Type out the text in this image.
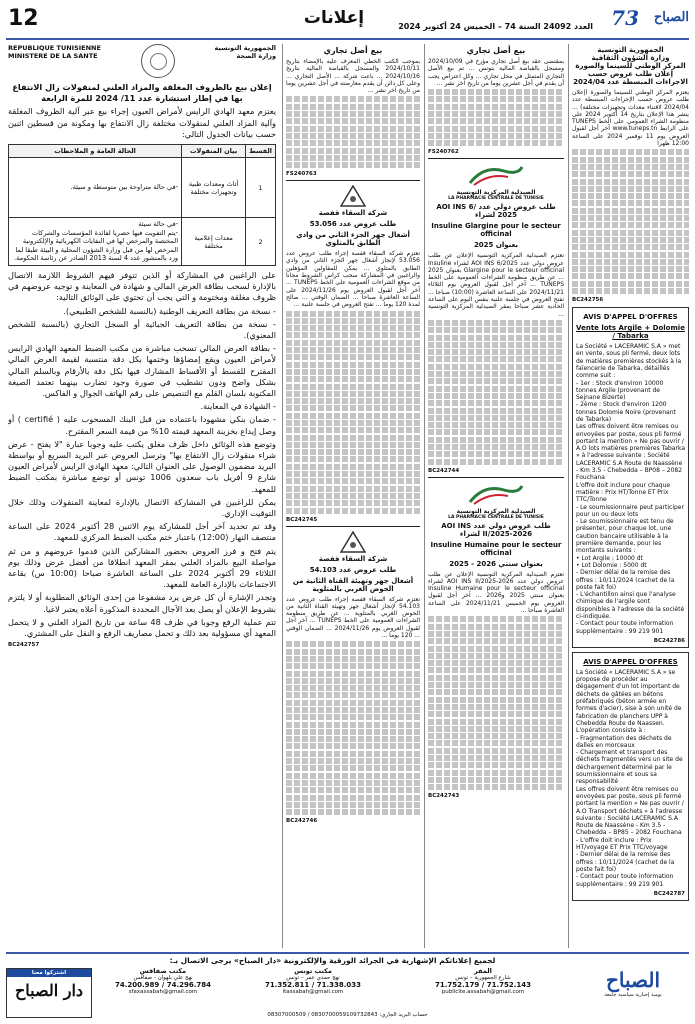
12	إعلانات	العدد 24092 السنة 74 – الخميس 24 أكتوبر 2024 73 الصباح
الجمهورية التونسية
وزارة الشؤون الثقافية
المركز الوطني للسينما والصورة
إعلان طلب عروض حسب الاجراءات المبسطة عدد 2024/04
يعتزم المركز الوطني للسينما والصورة (إعلان طلب عروض حسب الإجراءات المبسطة عدد 2024/04 لاقتناء معدات وتجهيزات مختلفة) ... ينشر هذا الإعلان بتاريخ 14 أكتوبر 2024 على منظومة الشراء العمومي على الخط TUNEPS على الرابط www.tuneps.tn آخر أجل لقبول العروض يوم 11 نوفمبر 2024 على الساعة 12:00 ظهرا
BC242756
AVIS D'APPEL D'OFFRES
Vente lots Argile + Dolomie / Tabarka
La Société « LACERAMIC S.A » met en vente, sous pli fermé, deux lots de matières premières stockés à la faïencerie de Tabarka, détaillés comme suit :
- 1er : Stock d'environ 10000 tonnes Argile (provenant de Sejnane Bizerte)
- 2ème : Stock d'environ 1200 tonnes Dolomie Noire (provenant de Tabarka)
Les offres doivent être remises ou envoyées par poste, sous pli fermé portant la mention « Ne pas ouvrir / A.O lots matières premières Tabarka » à l'adresse suivante : Société LACERAMIC S.A Route de Naassène - Km 3.5 - Chebedda – BP08 – 2082 Fouchana
L'offre doit inclure pour chaque matière : Prix HT/Tonne ET Prix TTC/Tonne
- Le soumissionnaire peut participer pour un ou deux lots
- Le soumissionnaire est tenu de présenter, pour chaque lot, une caution bancaire utilisable à la première demande, pour les montants suivants :
• Lot Argile : 10000 dt
• Lot Dolomie : 5000 dt
- Dernier délai de la remise des offres : 10/11/2024 (cachet de la poste fait foi)
- L'échantillon ainsi que l'analyse chimique de l'argile sont disponibles à l'adresse de la société ci-indiquée.
- Contact pour toute information supplémentaire : 99 219 901
BC242786
AVIS D'APPEL D'OFFRES
La Société « LACERAMIC S.A » se propose de procéder au dégagement d'un lot important de déchets de gâtées en bétons préfabriqués (béton armée en formes d'acier), sise à son unité de fabrication de planchers UPP à Chebedda Route de Naassen.
L'opération consiste à :
- Fragmentation des déchets de dalles en morceaux
- Chargement et transport des déchets fragmentés vers un site de déchargement déterminé par le soumissionnaire et sous sa responsabilité
Les offres doivent être remises ou envoyées par poste, sous pli fermé portant la mention « Ne pas ouvrir / A.O Transport déchets » à l'adresse suivante : Société LACERAMIC S.A Route de Naassène - Km 3.5 - Chebedda – BP85 – 2082 Fouchana
- L'offre doit inclure : Prix HT/voyage ET Prix TTC/voyage
- Dernier délai de la remise des offres : 10/11/2024 (cachet de la poste fait foi)
- Contact pour toute information supplémentaire : 99 219 901
BC242787
بيع أصل تجاري
بمقتضى عقد بيع أصل تجاري مؤرخ في 2024/10/09 ومسجل بالقباضة المالية بتونس ... تم بيع الأصل التجاري المتمثل في محل تجاري ... وكل اعتراض يجب أن يقدم في أجل عشرين يوما من تاريخ آخر نشر ...
FS240762
الصيدلية المركزية التونسية
LA PHARMACIE CENTRALE DE TUNISIE
طلب عروض دولي عدد AOI INS 6/ 2025 لشراء
Insuline Glargine pour le secteur officinal
بعنوان 2025
تعتزم الصيدلية المركزية التونسية الإعلان عن طلب عروض دولي عدد AOI INS 6/2025 لشراء Insuline Glargine pour le secteur officinal بعنوان 2025 ... عن طريق منظومة الشراءات العمومية على الخط TUNEPS ... آخر أجل لقبول العروض يوم الثلاثاء 2024/11/21 على الساعة العاشرة (10:00) صباحا ... تفتح العروض في جلسة علنية بنفس اليوم على الساعة الحادية عشر صباحا بمقر الصيدلية المركزية التونسية ...
BC242744
الصيدلية المركزية التونسية
LA PHARMACIE CENTRALE DE TUNISIE
طلب عروض دولي عدد AOI INS II/2025-2026 لشراء
Insuline Humaine pour le secteur officinal
بعنوان سنتي 2026 - 2025
تعتزم الصيدلية المركزية التونسية الإعلان عن طلب عروض دولي عدد AOI INS II/2025-2026 لشراء Insuline Humaine pour le secteur officinal بعنوان سنتي 2025 و2026 ... آخر أجل لقبول العروض يوم الخميس 2024/11/21 على الساعة العاشرة صباحا ...
BC242743
بيع أصل تجاري
بموجب الكتب الخطي المعرف عليه بالإمضاء بتاريخ 2024/10/11 والمسجل بالقباضة المالية بتاريخ 2024/10/16 ... باعت شركة ... الأصل التجاري ... وعلى كل دائن أن يقدم معارضته في أجل عشرين يوما من تاريخ آخر نشر ...
FS240763
شركة السقاء قفصة
طلب عروض عدد 53.056
أشغال جهر الجزء الثاني من وادي الطابق بالمتلوي
تعتزم شركة السقاء قفصة إجراء طلب عروض عدد 53.056 لإنجاز أشغال جهر الجزء الثاني من وادي الطابق بالمتلوي ... يمكن للمقاولين المؤهلين والراغبين في المشاركة سحب كراس الشروط مجانا من موقع الشراءات العمومية على الخط TUNEPS ... آخر أجل لقبول العروض يوم 2024/11/26 على الساعة العاشرة صباحا ... الضمان الوقتي ... صالح لمدة 120 يوما ... تفتح العروض في جلسة علنية ...
BC242745
شركة السقاء قفصة
طلب عروض عدد 54.103
أشغال جهر وتهيئة القناة الثانية من الحوض الغربي بالمتلوية
تعتزم شركة السقاء قفصة إجراء طلب عروض عدد 54.103 لإنجاز أشغال جهر وتهيئة القناة الثانية من الحوض الغربي بالمتلوية ... عن طريق منظومة الشراءات العمومية على الخط TUNEPS ... آخر أجل لقبول العروض يوم 2024/11/26 ... الضمان الوقتي ... 120 يوما ...
BC242746
REPUBLIQUE TUNISIENNE
MINISTERE DE LA SANTE
الجمهورية التونسية
وزارة الصحة
إعلان بيع بالظروف المغلقة والمزاد العلني لمنقولات زال الانتفاع بها في إطار استشارة عدد 11/ 2024 للمرة الرابعة
يعتزم معهد الهادي الرايس لأمراض العيون إجراء بيع عبر آلية الظروف المغلقة وآلية المزاد العلني لمنقولات مختلفة زال الانتفاع بها ومكونة من قسطين اثنين حسب بيانات الجدول التالي:
القسط	بيان المنقولات	الحالة العامة و الملاحظات
1	أثاث ومعدات طبية وتجهيزات مختلفة	-في حالة متراوحة بين متوسطة و سيئة.
2	معدات إعلامية مختلفة	-في حالة سيئة
-يتم التفويت فيها حصريا لفائدة المؤسسات والشركات المختصة والمرخص لها في النفايات الكهربائية والإلكترونية المرخص لها من قبل وزارة الشؤون المحلية و البيئة طبقا لما ورد بالمنشور عدد 4 لسنة 2013 الصادر عن رئاسة الحكومة.
على الراغبين في المشاركة أو الذين تتوفر فيهم الشروط اللازمة الاتصال بالإدارة لسحب بطاقة العرض المالي و شهادة في المعاينة و توجيه عروضهم في ظروف مغلقة ومختومة و التي يجب أن تحتوي على الوثائق التالية:
- نسخة من بطاقة التعريف الوطنية (بالنسبة للشخص الطبيعي).
- نسخة من بطاقة التعريف الجبائية أو السجل التجاري (بالنسبة للشخص المعنوي).
- بطاقة العرض المالي تسحب مباشرة من مكتب الضبط المعهد الهادي الرايس لأمراض العيون ويقع إمضاؤها وختمها بكل دقة منتسبة لقيمة العرض المالي المقترح للقسط أو الأقساط المشارك فيها بكل دقة بالأرقام وبالسلم المالي بشكل واضح ودون تشطيب في صورة وجود تضارب بينهما تعتمد الصيغة المكتوبة بلسان القلم مع التنصيص على رقم الهاتف الجوال و الفاكس.
- الشهادة في المعاينة.
- ضمان بنكي مشهودا باعتماده من قبل البنك المسحوب عليه ( certifié ) أو وصل إيداع بخزينة المعهد قيمته 10% من قيمة السعر المقترح.
وتوضع هذه الوثائق داخل ظرف مغلق يكتب عليه وجوبا عبارة "لا يفتح - عرض شراء منقولات زال الانتفاع بها" وترسل العروض عبر البريد السريع أو بواسطة البريد مضمون الوصول على العنوان التالي: معهد الهادي الرايس لأمراض العيون شارع 9 أفريل باب سعدون 1006 تونس أو توضع مباشرة بمكتب الضبط للمعهد.
يمكن للراغبين في المشاركة الاتصال بالإدارة لمعاينة المنقولات وذلك خلال التوقيت الإداري.
وقد تم تحديد آخر أجل للمشاركة يوم الاثنين 28 أكتوبر 2024 على الساعة منتصف النهار (12:00) باعتبار ختم مكتب الضبط المركزي للمعهد.
يتم فتح و فرز العروض بحضور المشاركين الذين قدموا عروضهم و من ثم مواصلة البيع بالمزاد العلني بمقر المعهد انطلاقا من أفضل عرض وذلك يوم الثلاثاء 29 أكتوبر 2024 على الساعة العاشرة صباحا (10:00 س) بقاعة الاجتماعات بالإدارة العامة للمعهد.
وتجدر الإشارة أن كل عرض يرد مشفوعا من إحدى الوثائق المطلوبة أو لا يلتزم بشروط الإعلان أو يصل بعد الآجال المحددة المذكورة أعلاه يعتبر لاغيا.
تتم عملية الرفع وجوبا في ظرف 48 ساعة من تاريخ المزاد العلني و لا يتحمل المعهد أي مسؤولية بعد ذلك و تحمل مصاريف الرفع و النقل على المشتري.
BC242757
لجميع إعلاناتكم الإشهارية في الجرائد الورقية والإلكترونية «دار الصباح» يرجى الاتصال بـ:
مكتب صفاقس
نهج علي بلهوان - صفاقس
74.200.989 / 74.296.784
sfaxassabah@gmail.com
مكتب تونس
نهج حمدي عمر – تونس
71.352.811 / 71.338.033
ltassabah@gmail.com
المقر
شارع الجمهورية – تونس
71.752.179 / 71.752.143
publicite.assabah@gmail.com	الصباح
يومية إخبارية سياسية جامعة
اشتركوا معنا
دار الصباح
حساب البريد الجاري: 0830700059109732843 / 08307000509
